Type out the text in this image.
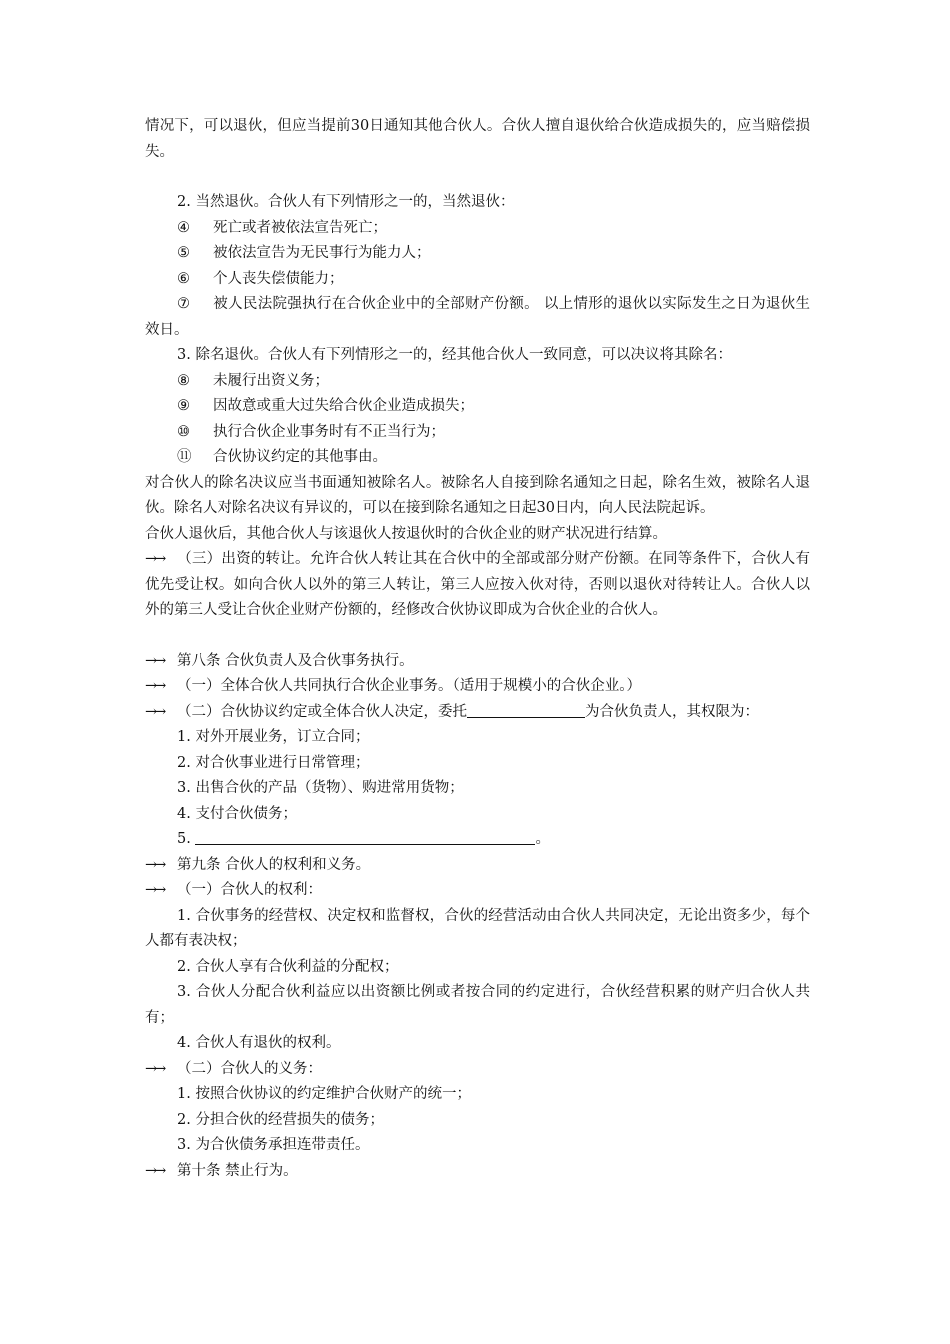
情况下，可以退伙，但应当提前30日通知其他合伙人。合伙人擅自退伙给合伙造成损失的，应当赔偿损失。

2. 当然退伙。合伙人有下列情形之一的，当然退伙：

④ 死亡或者被依法宣告死亡；

⑤ 被依法宣告为无民事行为能力人；

⑥ 个人丧失偿债能力；

⑦ 被人民法院强执行在合伙企业中的全部财产份额。 以上情形的退伙以实际发生之日为退伙生效日。

3. 除名退伙。合伙人有下列情形之一的，经其他合伙人一致同意，可以决议将其除名：

⑧ 未履行出资义务；

⑨ 因故意或重大过失给合伙企业造成损失；

⑩ 执行合伙企业事务时有不正当行为；

⑪ 合伙协议约定的其他事由。

对合伙人的除名决议应当书面通知被除名人。被除名人自接到除名通知之日起，除名生效，被除名人退伙。除名人对除名决议有异议的，可以在接到除名通知之日起30日内，向人民法院起诉。

合伙人退伙后，其他合伙人与该退伙人按退伙时的合伙企业的财产状况进行结算。

→→ （三）出资的转让。允许合伙人转让其在合伙中的全部或部分财产份额。在同等条件下，合伙人有优先受让权。如向合伙人以外的第三人转让，第三人应按入伙对待，否则以退伙对待转让人。合伙人以外的第三人受让合伙企业财产份额的，经修改合伙协议即成为合伙企业的合伙人。

→→ 第八条 合伙负责人及合伙事务执行。

→→ （一）全体合伙人共同执行合伙企业事务。（适用于规模小的合伙企业。）

→→ （二）合伙协议约定或全体合伙人决定，委托	为合伙负责人，其权限为：

1. 对外开展业务，订立合同；

2. 对合伙事业进行日常管理；

3. 出售合伙的产品（货物）、购进常用货物；

4. 支付合伙债务；

5.	。

→→ 第九条 合伙人的权利和义务。

→→ （一）合伙人的权利：

1. 合伙事务的经营权、决定权和监督权，合伙的经营活动由合伙人共同决定，无论出资多少，每个人都有表决权；

2. 合伙人享有合伙利益的分配权；

3. 合伙人分配合伙利益应以出资额比例或者按合同的约定进行，合伙经营积累的财产归合伙人共有；

4. 合伙人有退伙的权利。

→→ （二）合伙人的义务：

1. 按照合伙协议的约定维护合伙财产的统一；

2. 分担合伙的经营损失的债务；

3. 为合伙债务承担连带责任。

→→ 第十条 禁止行为。
